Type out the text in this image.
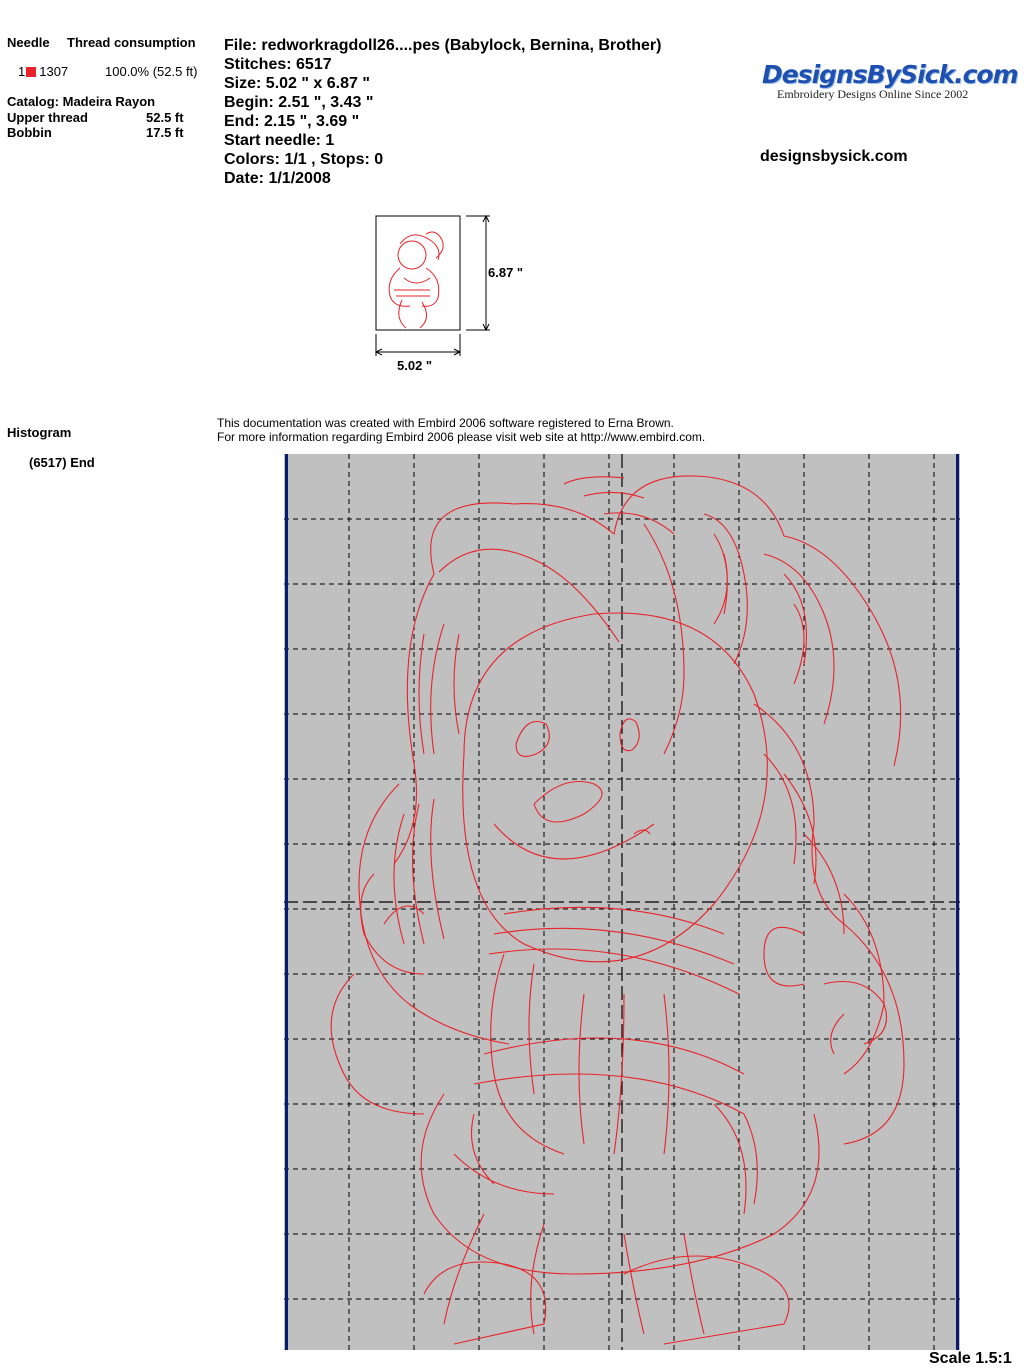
Needle Thread consumption
1 1307	100.0% (52.5 ft)
Catalog: Madeira Rayon
Upper thread	52.5 ft
Bobbin	17.5 ft
File: redworkragdoll26....pes (Babylock, Bernina, Brother)
Stitches: 6517
Size: 5.02 " x 6.87 "
Begin: 2.51 ", 3.43 "
End: 2.15 ", 3.69 "
Start needle: 1
Colors: 1/1 , Stops: 0
Date: 1/1/2008
DesignsBySick.com
Embroidery Designs Online Since 2002
designsbysick.com
6.87 "
5.02 "
Histogram
(6517) End
This documentation was created with Embird 2006 software registered to Erna Brown.
For more information regarding Embird 2006 please visit web site at http://www.embird.com.
Scale 1.5:1
